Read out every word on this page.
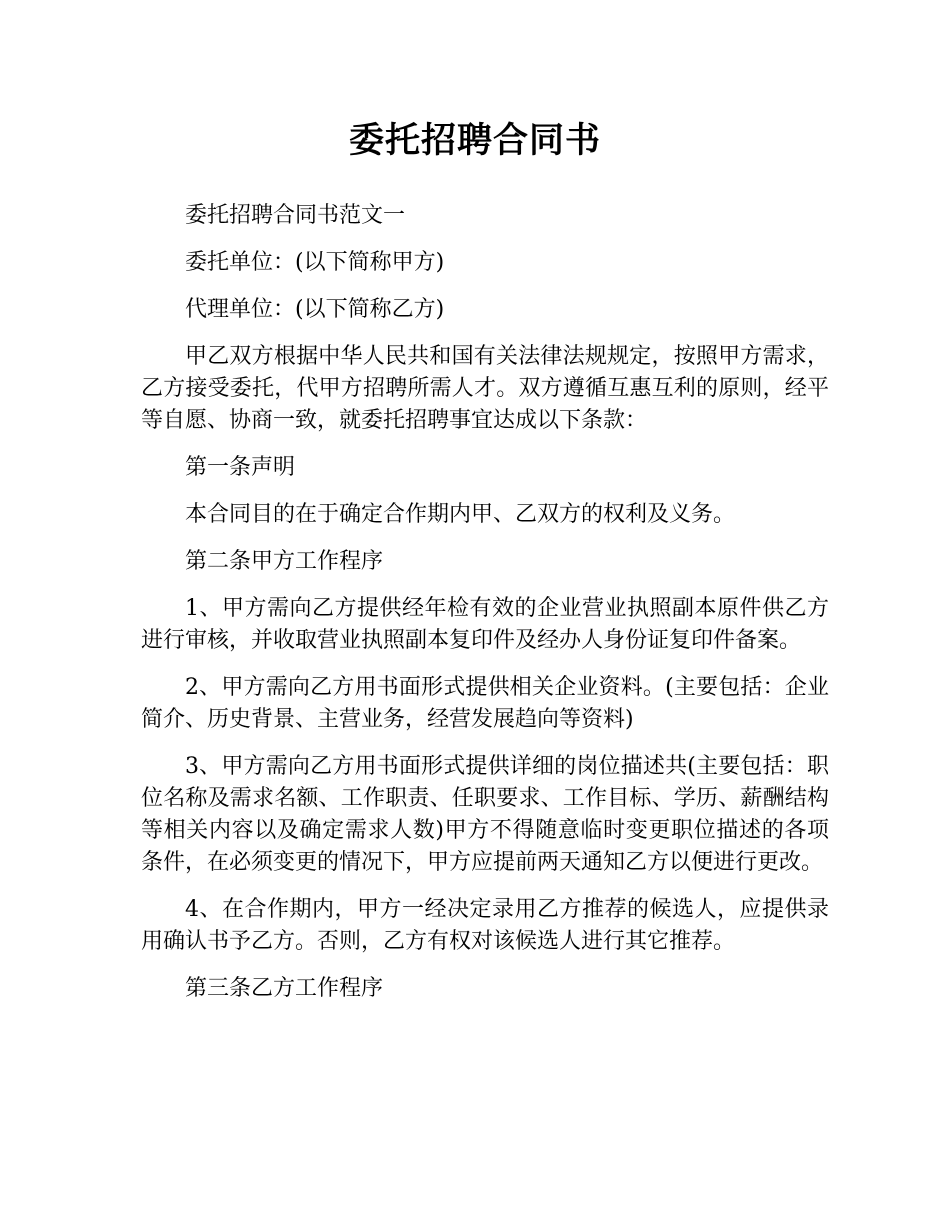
委托招聘合同书

委托招聘合同书范文一

委托单位：(以下简称甲方)

代理单位：(以下简称乙方)

甲乙双方根据中华人民共和国有关法律法规规定，按照甲方需求，乙方接受委托，代甲方招聘所需人才。双方遵循互惠互利的原则，经平等自愿、协商一致，就委托招聘事宜达成以下条款：

第一条声明

本合同目的在于确定合作期内甲、乙双方的权利及义务。

第二条甲方工作程序

1、甲方需向乙方提供经年检有效的企业营业执照副本原件供乙方进行审核，并收取营业执照副本复印件及经办人身份证复印件备案。

2、甲方需向乙方用书面形式提供相关企业资料。(主要包括：企业简介、历史背景、主营业务，经营发展趋向等资料)

3、甲方需向乙方用书面形式提供详细的岗位描述共(主要包括：职位名称及需求名额、工作职责、任职要求、工作目标、学历、薪酬结构等相关内容以及确定需求人数)甲方不得随意临时变更职位描述的各项条件，在必须变更的情况下，甲方应提前两天通知乙方以便进行更改。

4、在合作期内，甲方一经决定录用乙方推荐的候选人，应提供录用确认书予乙方。否则，乙方有权对该候选人进行其它推荐。

第三条乙方工作程序
